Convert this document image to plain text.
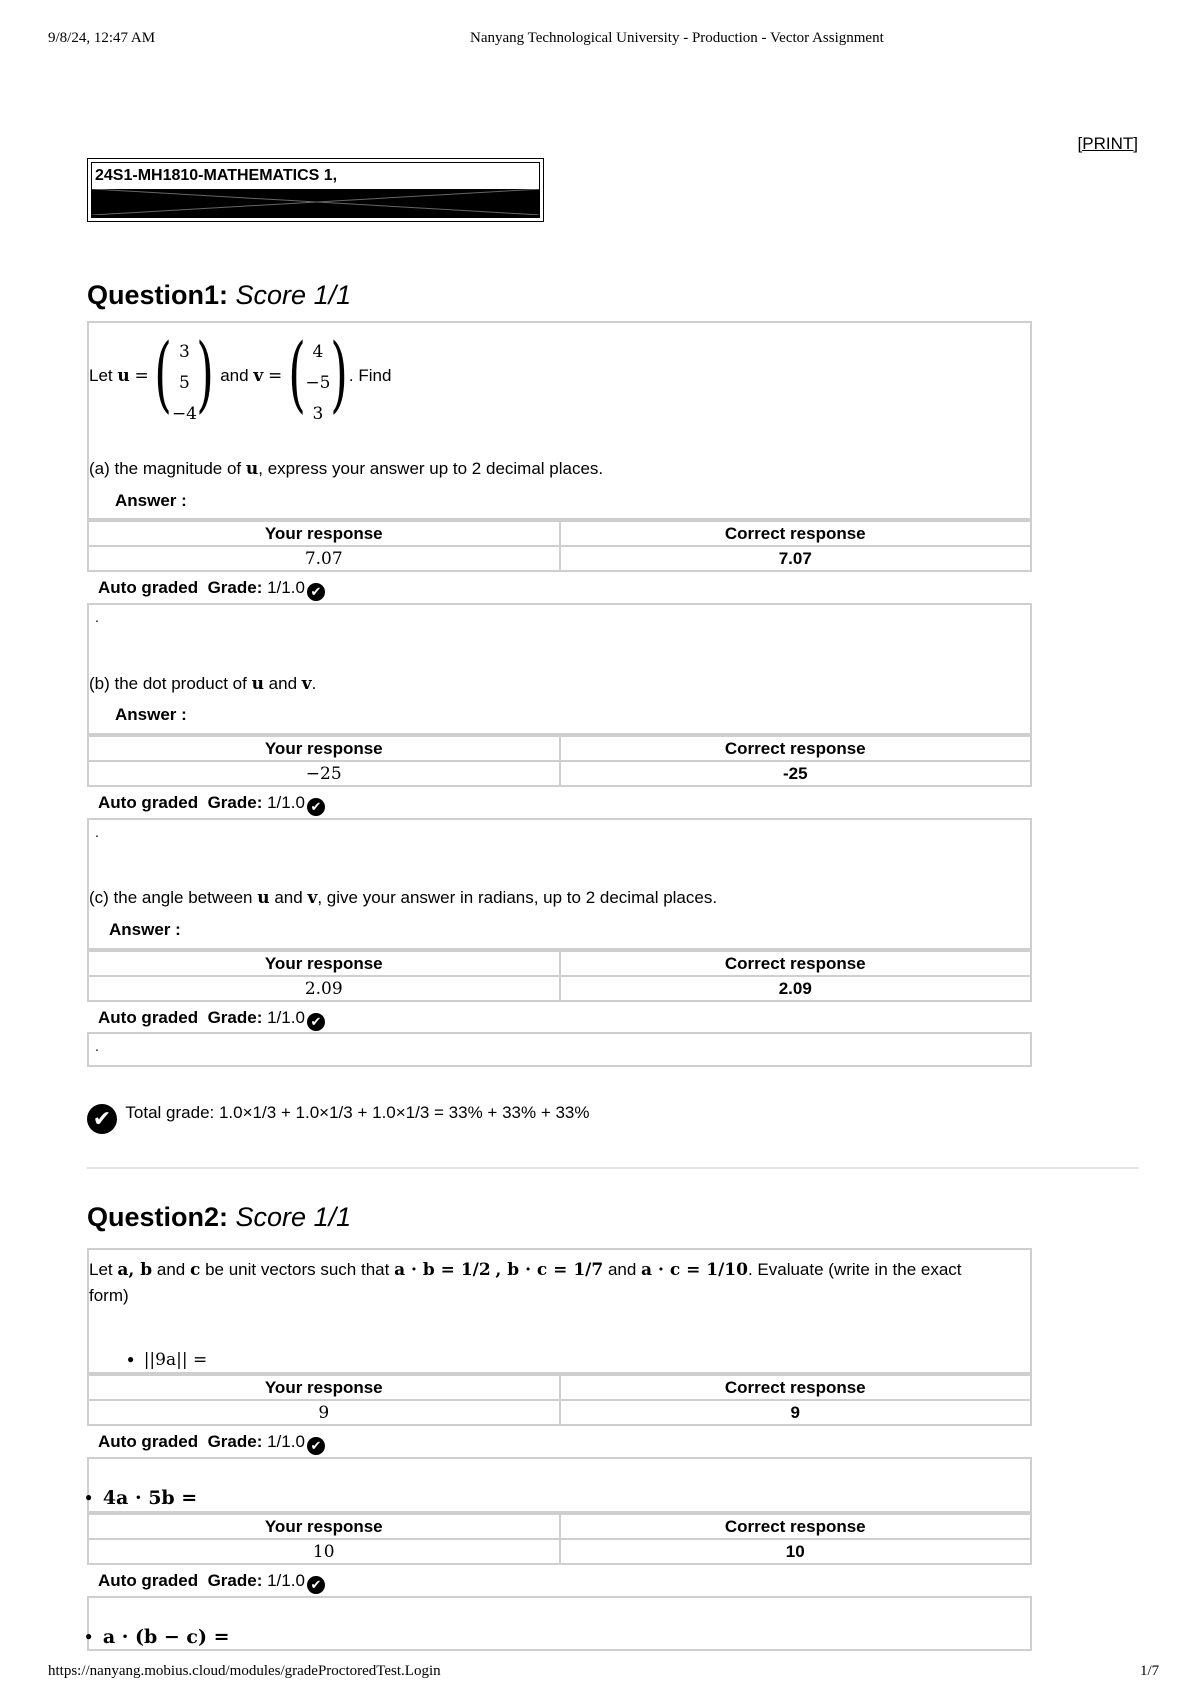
9/8/24, 12:47 AM	Nanyang Technological University - Production - Vector Assignment
https://nanyang.mobius.cloud/modules/gradeProctoredTest.Login	1/7
[PRINT]
24S1-MH1810-MATHEMATICS 1,
Question1: Score 1/1
Let u = ( 3
5
−4 ) and v = ( 4
−5
3 ) . Find
(a) the magnitude of u, express your answer up to 2 decimal places.
Answer :
Your response	Correct response
7.07	7.07
Auto graded Grade: 1/1.0 ✔
.
(b) the dot product of u and v.
Answer :
Your response	Correct response
−25	-25
Auto graded Grade: 1/1.0 ✔
.
(c) the angle between u and v, give your answer in radians, up to 2 decimal places.
Answer :
Your response	Correct response
2.09	2.09
Auto graded Grade: 1/1.0 ✔
.
✔ Total grade: 1.0×1/3 + 1.0×1/3 + 1.0×1/3 = 33% + 33% + 33%
Question2: Score 1/1
Let a, b and c be unit vectors such that a · b = 1/2 , b · c = 1/7 and a · c = 1/10. Evaluate (write in the exact
form)
● ||9a|| =
Your response	Correct response
9	9
Auto graded Grade: 1/1.0 ✔
● 4a · 5b =
Your response	Correct response
10	10
Auto graded Grade: 1/1.0 ✔
● a · (b − c) =
